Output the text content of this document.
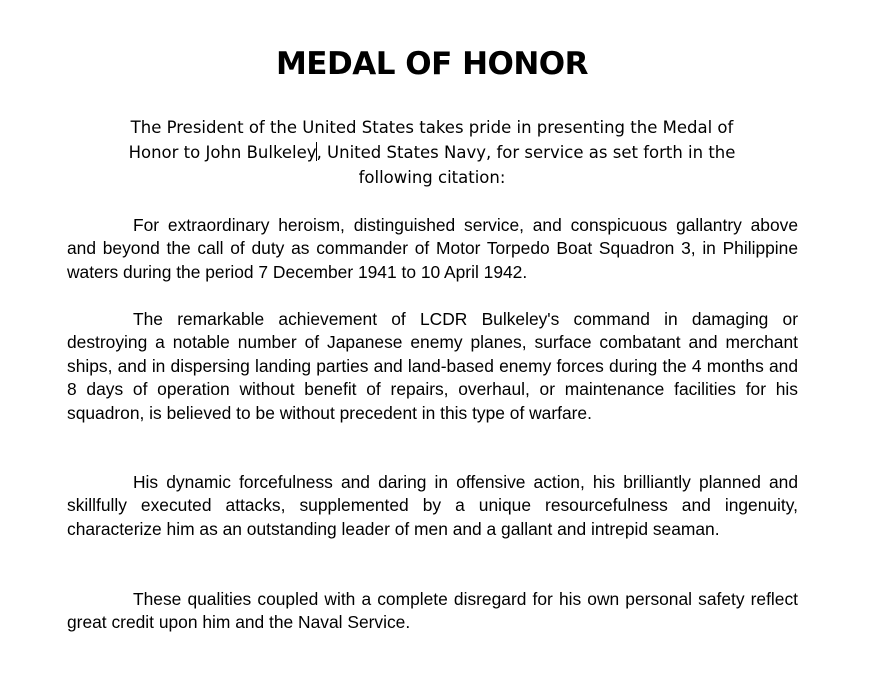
MEDAL OF HONOR

The President of the United States takes pride in presenting the Medal of Honor to John Bulkeley, United States Navy, for service as set forth in the following citation:

For extraordinary heroism, distinguished service, and conspicuous gallantry above and beyond the call of duty as commander of Motor Torpedo Boat Squadron 3, in Philippine waters during the period 7 December 1941 to 10 April 1942.

The remarkable achievement of LCDR Bulkeley's command in damaging or destroying a notable number of Japanese enemy planes, surface combatant and merchant ships, and in dispersing landing parties and land-based enemy forces during the 4 months and 8 days of operation without benefit of repairs, overhaul, or maintenance facilities for his squadron, is believed to be without precedent in this type of warfare.

His dynamic forcefulness and daring in offensive action, his brilliantly planned and skillfully executed attacks, supplemented by a unique resourcefulness and ingenuity, characterize him as an outstanding leader of men and a gallant and intrepid seaman.

These qualities coupled with a complete disregard for his own personal safety reflect great credit upon him and the Naval Service.
